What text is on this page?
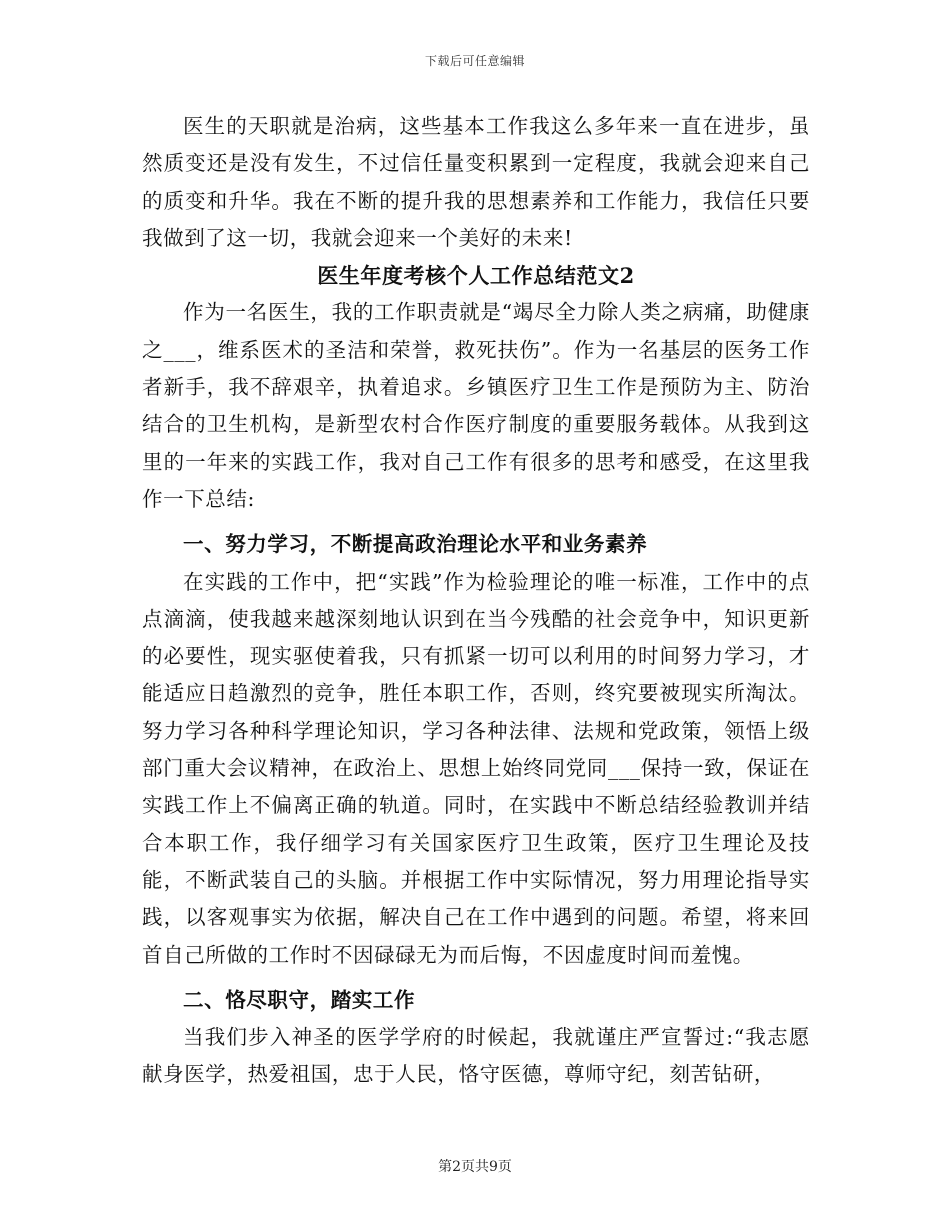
下载后可任意编辑

医生的天职就是治病，这些基本工作我这么多年来一直在进步，虽然质变还是没有发生，不过信任量变积累到一定程度，我就会迎来自己的质变和升华。我在不断的提升我的思想素养和工作能力，我信任只要我做到了这一切，我就会迎来一个美好的未来!

医生年度考核个人工作总结范文2

作为一名医生，我的工作职责就是“竭尽全力除人类之病痛，助健康之___，维系医术的圣洁和荣誉，救死扶伤”。作为一名基层的医务工作者新手，我不辞艰辛，执着追求。乡镇医疗卫生工作是预防为主、防治结合的卫生机构，是新型农村合作医疗制度的重要服务载体。从我到这里的一年来的实践工作，我对自己工作有很多的思考和感受，在这里我作一下总结:

一、努力学习，不断提高政治理论水平和业务素养

在实践的工作中，把“实践”作为检验理论的唯一标准，工作中的点点滴滴，使我越来越深刻地认识到在当今残酷的社会竞争中，知识更新的必要性，现实驱使着我，只有抓紧一切可以利用的时间努力学习，才能适应日趋激烈的竞争，胜任本职工作，否则，终究要被现实所淘汰。努力学习各种科学理论知识，学习各种法律、法规和党政策，领悟上级部门重大会议精神，在政治上、思想上始终同党同___保持一致，保证在实践工作上不偏离正确的轨道。同时，在实践中不断总结经验教训并结合本职工作，我仔细学习有关国家医疗卫生政策，医疗卫生理论及技能，不断武装自己的头脑。并根据工作中实际情况，努力用理论指导实践，以客观事实为依据，解决自己在工作中遇到的问题。希望，将来回首自己所做的工作时不因碌碌无为而后悔，不因虚度时间而羞愧。

二、恪尽职守，踏实工作

当我们步入神圣的医学学府的时候起，我就谨庄严宣誓过:“我志愿献身医学，热爱祖国，忠于人民，恪守医德，尊师守纪，刻苦钻研，

第2页共9页
